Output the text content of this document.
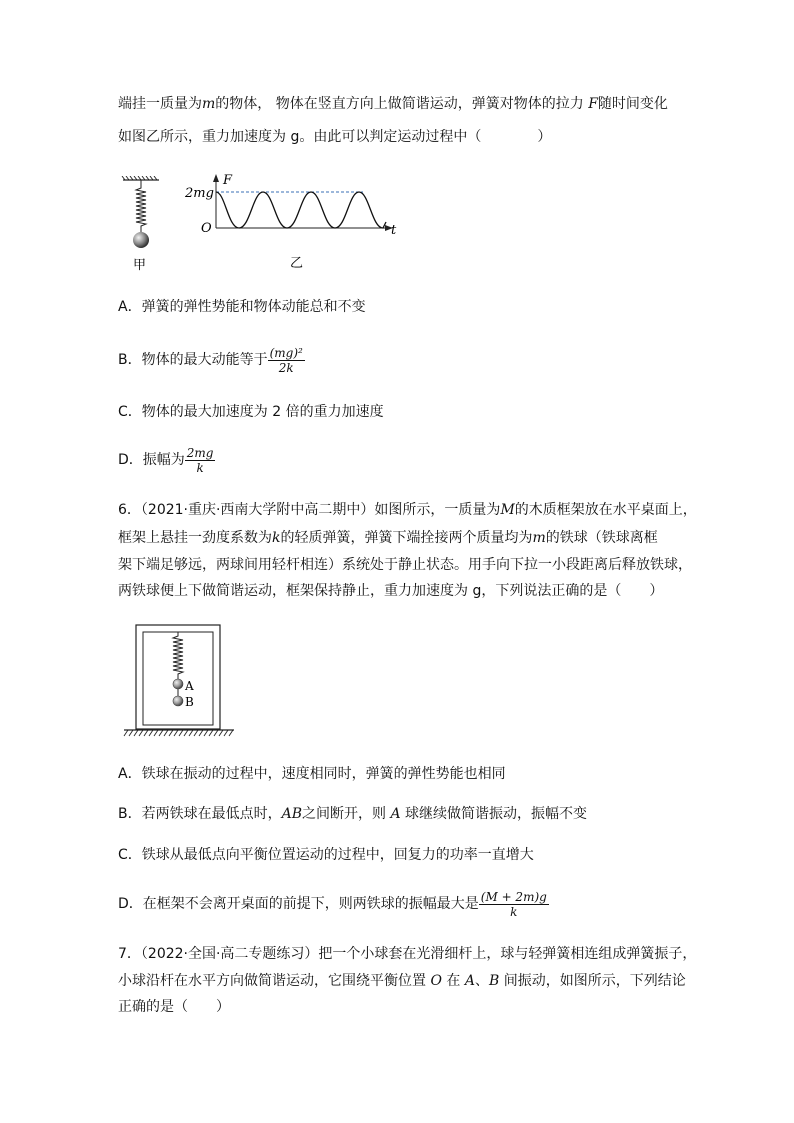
端挂一质量为m的物体， 物体在竖直方向上做简谐运动，弹簧对物体的拉力 F随时间变化
如图乙所示，重力加速度为 g。由此可以判定运动过程中（　　　　）
甲
F
2mg
O	t
乙
A．弹簧的弹性势能和物体动能总和不变
B．物体的最大动能等于 $\frac{\text{(mg)²}}{2k}$
C．物体的最大加速度为 2 倍的重力加速度
D．振幅为 $\frac{2mg}{k}$
6．（2021·重庆·西南大学附中高二期中）如图所示，一质量为M的木质框架放在水平桌面上，
框架上悬挂一劲度系数为k的轻质弹簧，弹簧下端拴接两个质量均为m的铁球（铁球离框
架下端足够远，两球间用轻杆相连）系统处于静止状态。用手向下拉一小段距离后释放铁球，
两铁球便上下做简谐运动，框架保持静止，重力加速度为 g，下列说法正确的是（　　）
A
B
A．铁球在振动的过程中，速度相同时，弹簧的弹性势能也相同
B．若两铁球在最低点时，AB之间断开，则 A 球继续做简谐振动，振幅不变
C．铁球从最低点向平衡位置运动的过程中，回复力的功率一直增大
D．在框架不会离开桌面的前提下，则两铁球的振幅最大是 $\frac{(M + 2m)g}{k}$
7．（2022·全国·高二专题练习）把一个小球套在光滑细杆上，球与轻弹簧相连组成弹簧振子，
小球沿杆在水平方向做简谐运动，它围绕平衡位置 O 在 A、B 间振动，如图所示，下列结论
正确的是（　　）
